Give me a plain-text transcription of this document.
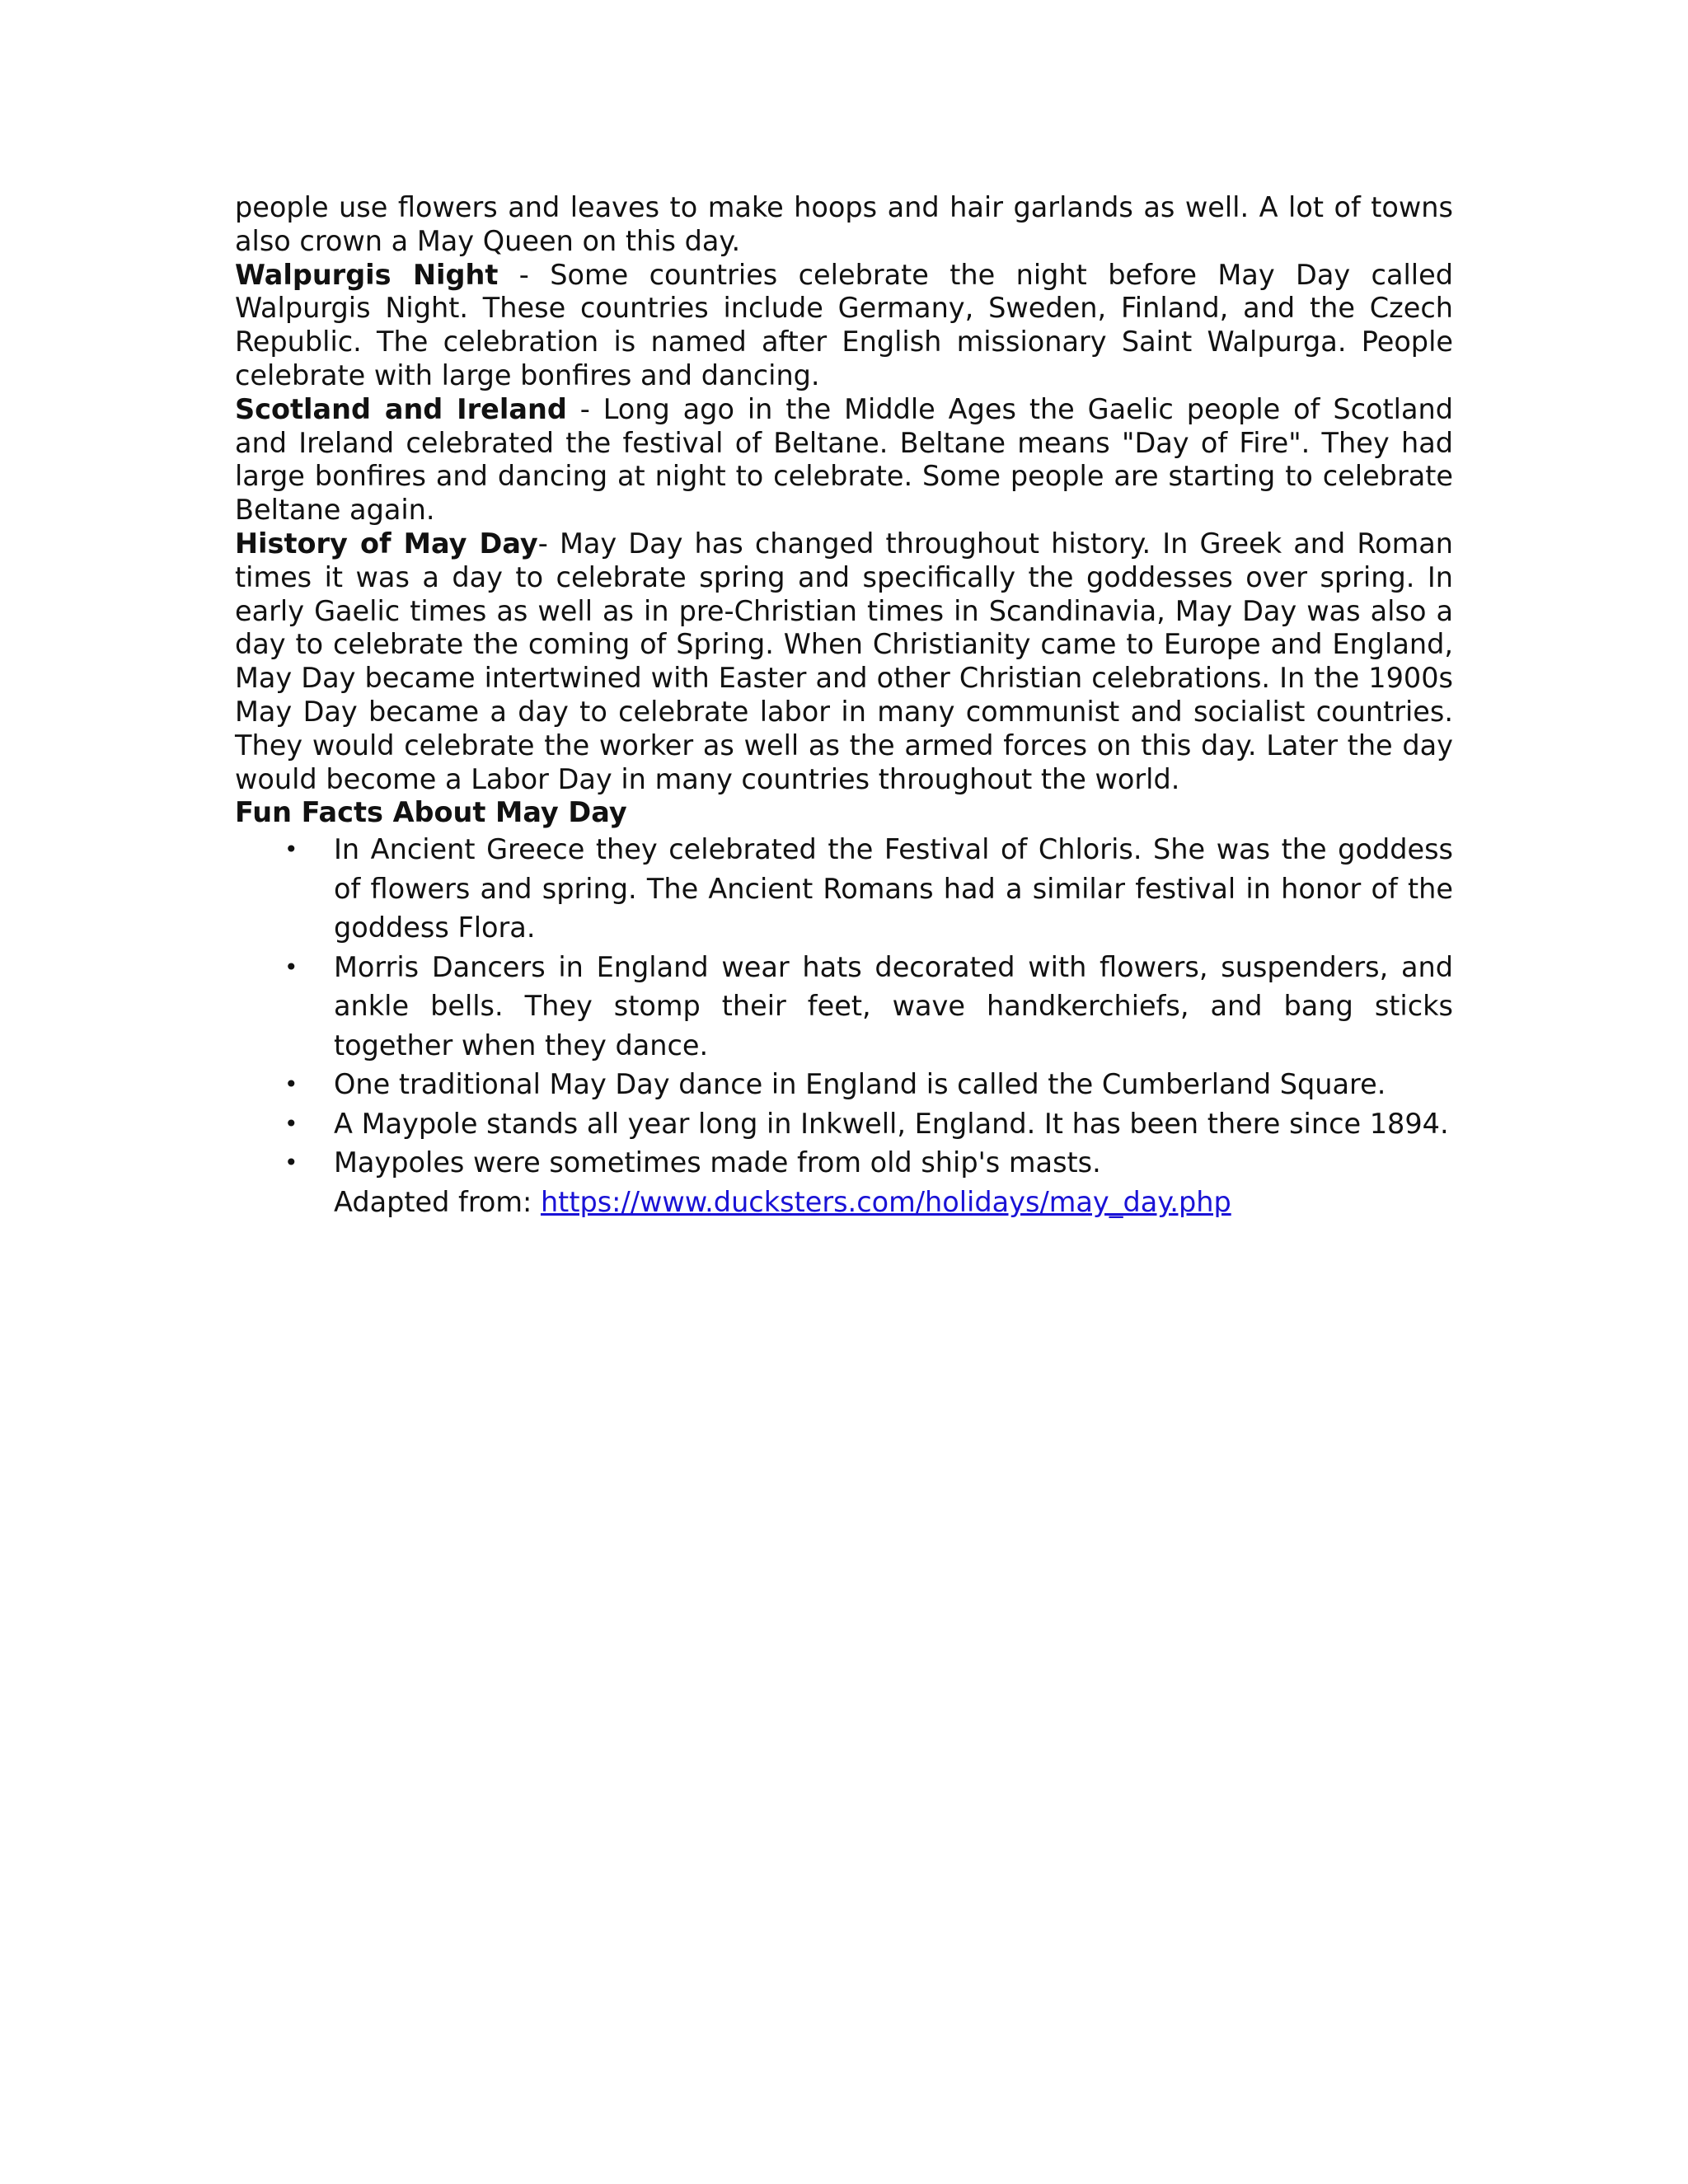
people use flowers and leaves to make hoops and hair garlands as well. A lot of towns also crown a May Queen on this day.

Walpurgis Night - Some countries celebrate the night before May Day called Walpurgis Night. These countries include Germany, Sweden, Finland, and the Czech Republic. The celebration is named after English missionary Saint Walpurga. People celebrate with large bonfires and dancing.

Scotland and Ireland - Long ago in the Middle Ages the Gaelic people of Scotland and Ireland celebrated the festival of Beltane. Beltane means "Day of Fire". They had large bonfires and dancing at night to celebrate. Some people are starting to celebrate Beltane again.

History of May Day- May Day has changed throughout history. In Greek and Roman times it was a day to celebrate spring and specifically the goddesses over spring. In early Gaelic times as well as in pre-Christian times in Scandinavia, May Day was also a day to celebrate the coming of Spring. When Christianity came to Europe and England, May Day became intertwined with Easter and other Christian celebrations. In the 1900s May Day became a day to celebrate labor in many communist and socialist countries. They would celebrate the worker as well as the armed forces on this day. Later the day would become a Labor Day in many countries throughout the world.

Fun Facts About May Day

• In Ancient Greece they celebrated the Festival of Chloris. She was the goddess of flowers and spring. The Ancient Romans had a similar festival in honor of the goddess Flora.
• Morris Dancers in England wear hats decorated with flowers, suspenders, and ankle bells. They stomp their feet, wave handkerchiefs, and bang sticks together when they dance.
• One traditional May Day dance in England is called the Cumberland Square.
• A Maypole stands all year long in Inkwell, England. It has been there since 1894.
• Maypoles were sometimes made from old ship's masts.

Adapted from: https://www.ducksters.com/holidays/may_day.php
